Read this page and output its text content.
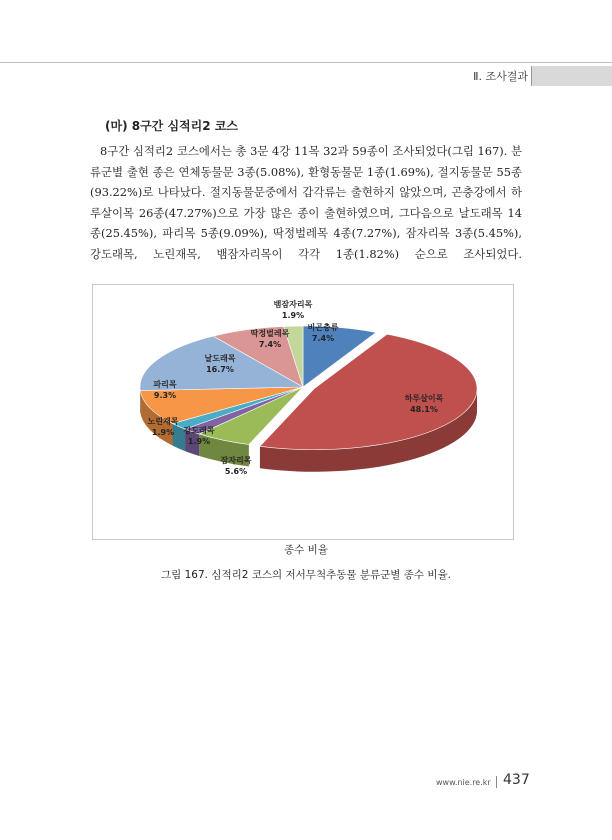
Ⅱ. 조사결과
(마) 8구간 심적리2 코스

8구간 심적리2 코스에서는 총 3문 4강 11목 32과 59종이 조사되었다(그림 167). 분류군별 출현 종은 연체동물문 3종(5.08%), 환형동물문 1종(1.69%), 절지동물문 55종(93.22%)로 나타났다. 절지동물문중에서 갑각류는 출현하지 않았으며, 곤충강에서 하루살이목 26종(47.27%)으로 가장 많은 종이 출현하였으며, 그다음으로 날도래목 14종(25.45%), 파리목 5종(9.09%), 딱정벌레목 4종(7.27%), 잠자리목 3종(5.45%), 강도래목, 노린재목, 뱀잠자리목이 각각 1종(1.82%) 순으로 조사되었다.

비곤충류
7.4%
하루살이목
48.1%
잠자리목
5.6%
강도래목
1.9%
노린재목
1.9%
파리목
9.3%
날도래목
16.7%
딱정벌레목
7.4%
뱀잠자리목
1.9%
종수 비율
그림 167. 심적리2 코스의 저서무척추동물 분류군별 종수 비율.
www.nie.re.kr 437
